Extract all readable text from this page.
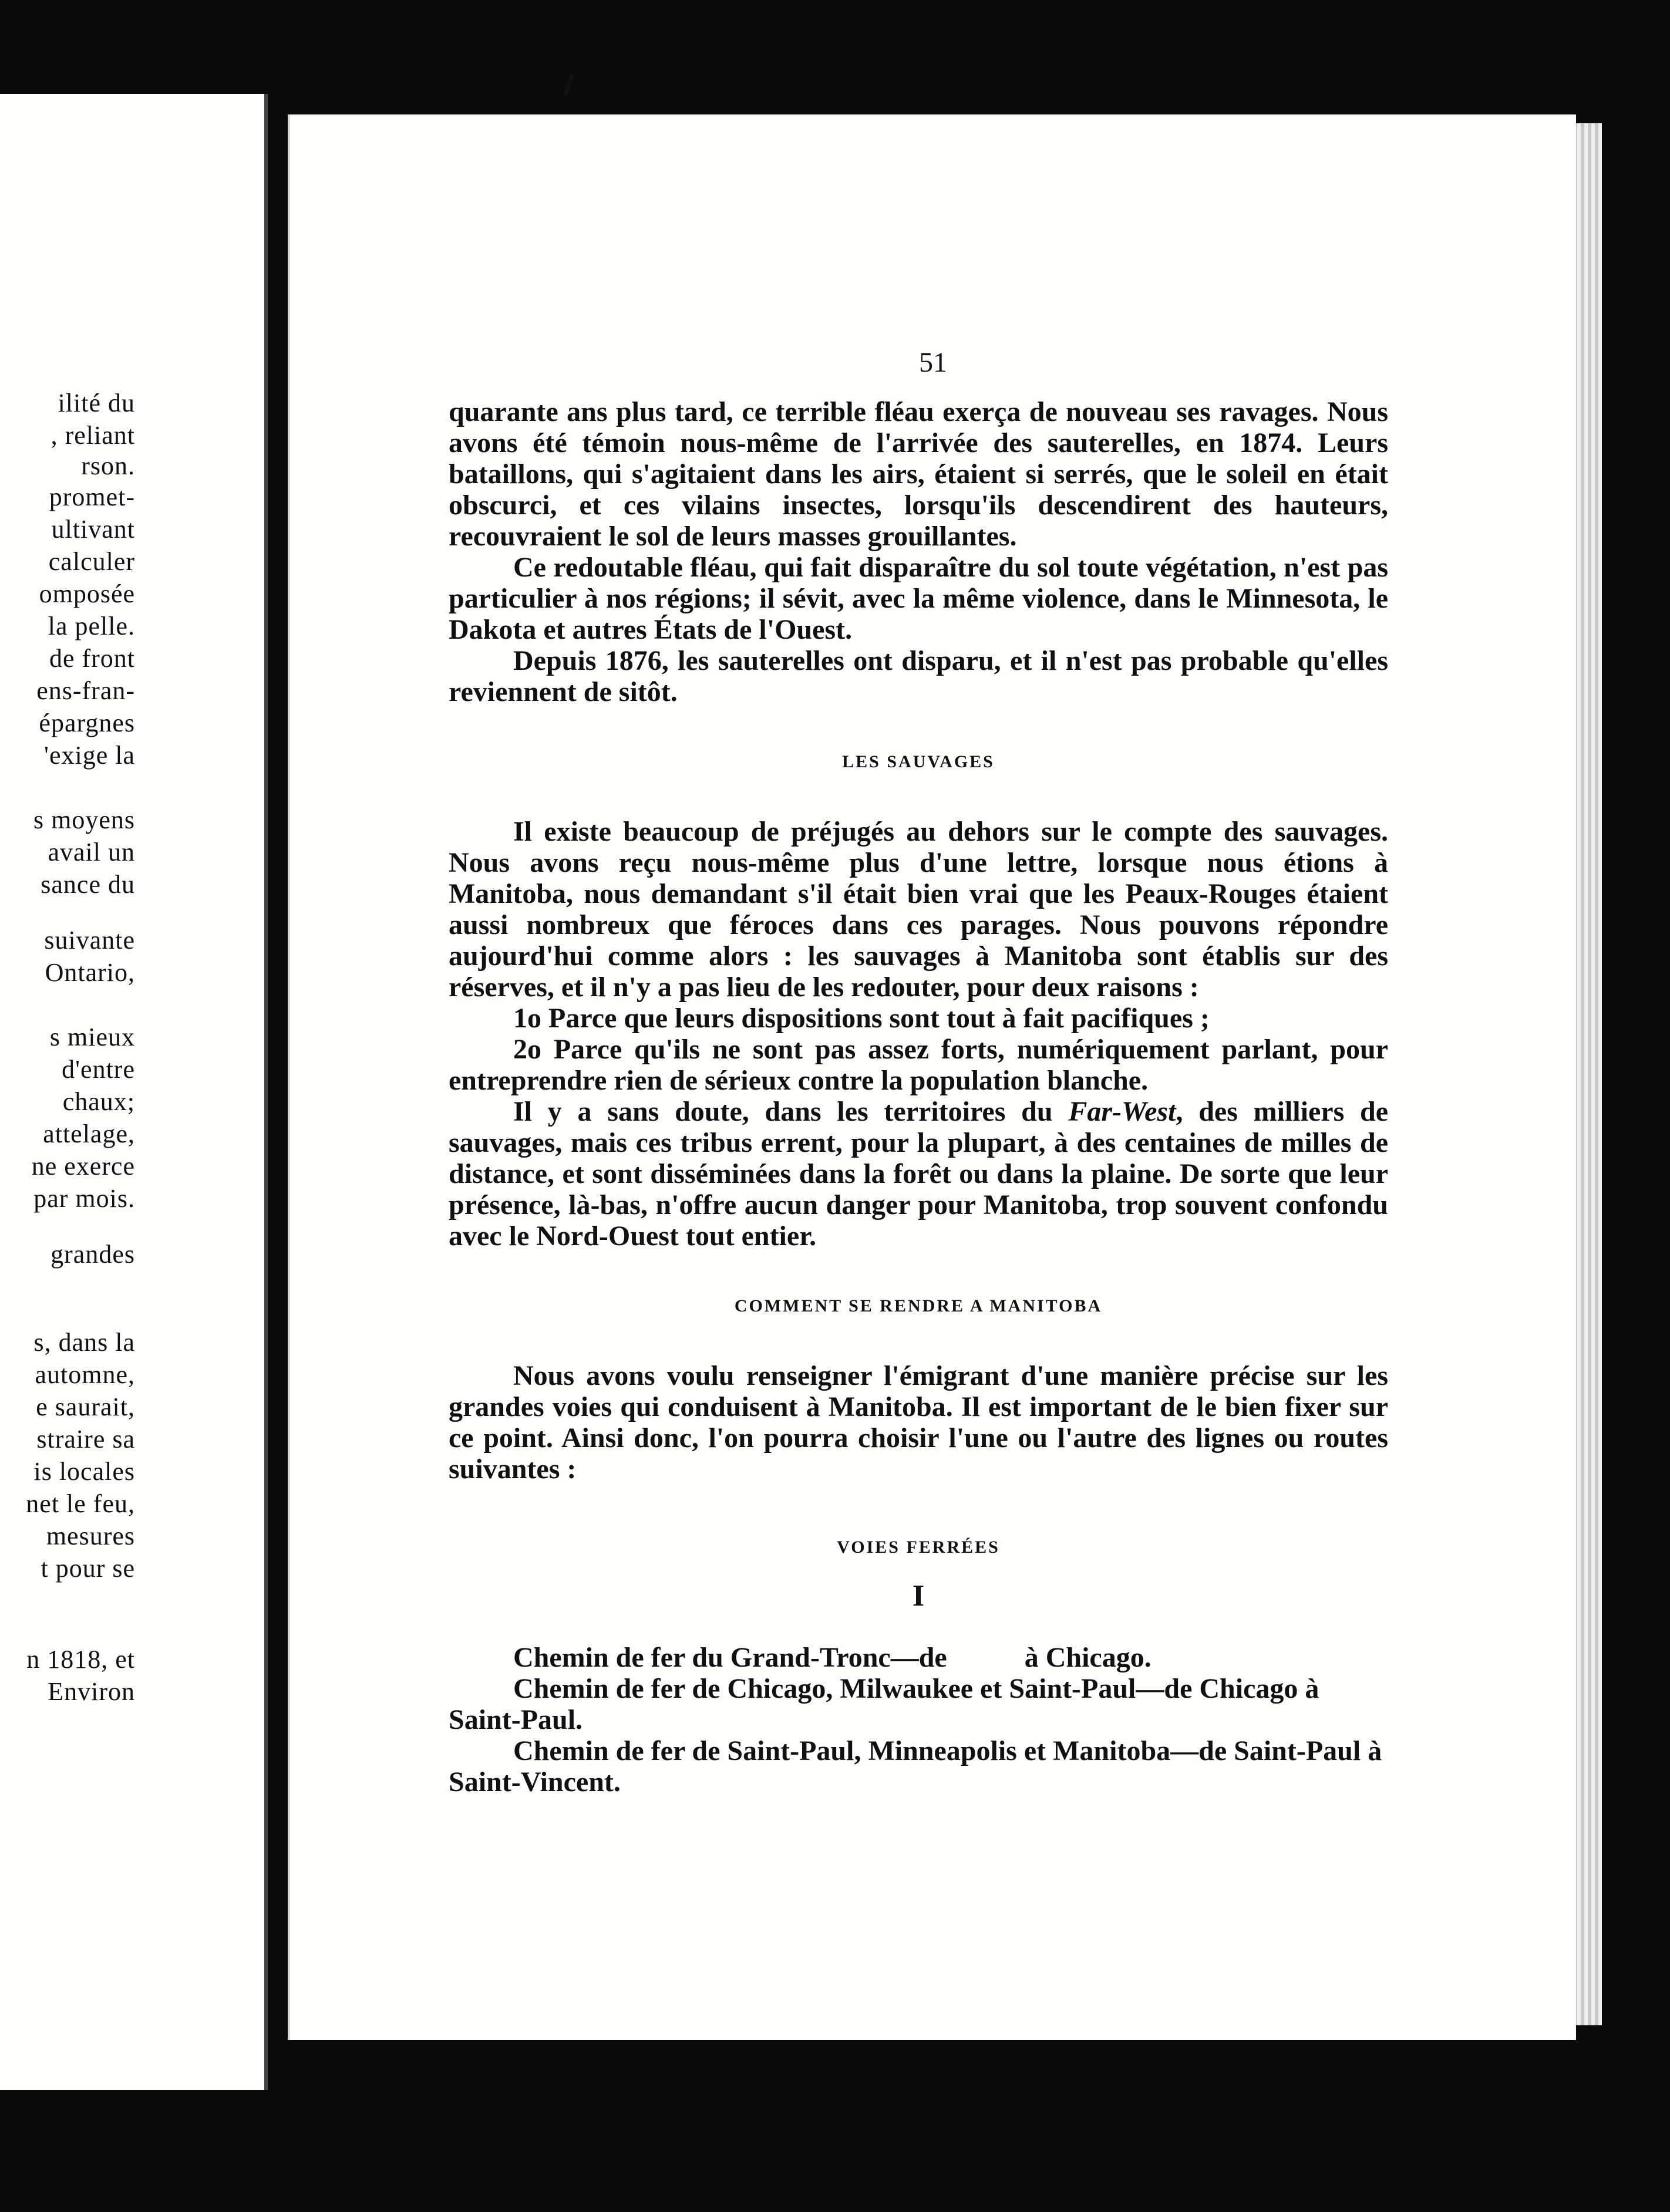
ilité du
, reliant
rson.
promet-
ultivant
calculer
omposée
la pelle.
de front
ens-fran-
épargnes
'exige la
s moyens
avail un
sance du
suivante
Ontario,
s mieux
d'entre
chaux;
attelage,
ne exerce
par mois.
grandes
s, dans la
automne,
e saurait,
straire sa
is locales
net le feu,
mesures
t pour se
n 1818, et
Environ
51

quarante ans plus tard, ce terrible fléau exerça de nouveau ses ravages. Nous avons été témoin nous-même de l'arrivée des sauterelles, en 1874. Leurs bataillons, qui s'agitaient dans les airs, étaient si serrés, que le soleil en était obscurci, et ces vilains insectes, lorsqu'ils descendirent des hauteurs, recouvraient le sol de leurs masses grouillantes.

Ce redoutable fléau, qui fait disparaître du sol toute végétation, n'est pas particulier à nos régions; il sévit, avec la même violence, dans le Minnesota, le Dakota et autres États de l'Ouest.

Depuis 1876, les sauterelles ont disparu, et il n'est pas probable qu'elles reviennent de sitôt.

LES SAUVAGES

Il existe beaucoup de préjugés au dehors sur le compte des sauvages. Nous avons reçu nous-même plus d'une lettre, lorsque nous étions à Manitoba, nous demandant s'il était bien vrai que les Peaux-Rouges étaient aussi nombreux que féroces dans ces parages. Nous pouvons répondre aujourd'hui comme alors : les sauvages à Manitoba sont établis sur des réserves, et il n'y a pas lieu de les redouter, pour deux raisons :

1o Parce que leurs dispositions sont tout à fait pacifiques ;

2o Parce qu'ils ne sont pas assez forts, numériquement parlant, pour entreprendre rien de sérieux contre la population blanche.

Il y a sans doute, dans les territoires du Far-West, des milliers de sauvages, mais ces tribus errent, pour la plupart, à des centaines de milles de distance, et sont disséminées dans la forêt ou dans la plaine. De sorte que leur présence, là-bas, n'offre aucun danger pour Manitoba, trop souvent confondu avec le Nord-Ouest tout entier.

COMMENT SE RENDRE A MANITOBA

Nous avons voulu renseigner l'émigrant d'une manière précise sur les grandes voies qui conduisent à Manitoba. Il est important de le bien fixer sur ce point. Ainsi donc, l'on pourra choisir l'une ou l'autre des lignes ou routes suivantes :

VOIES FERRÉES
I

Chemin de fer du Grand-Tronc—de           à Chicago.

Chemin de fer de Chicago, Milwaukee et Saint-Paul—de Chicago à Saint-Paul.

Chemin de fer de Saint-Paul, Minneapolis et Manitoba—de Saint-Paul à Saint-Vincent.
